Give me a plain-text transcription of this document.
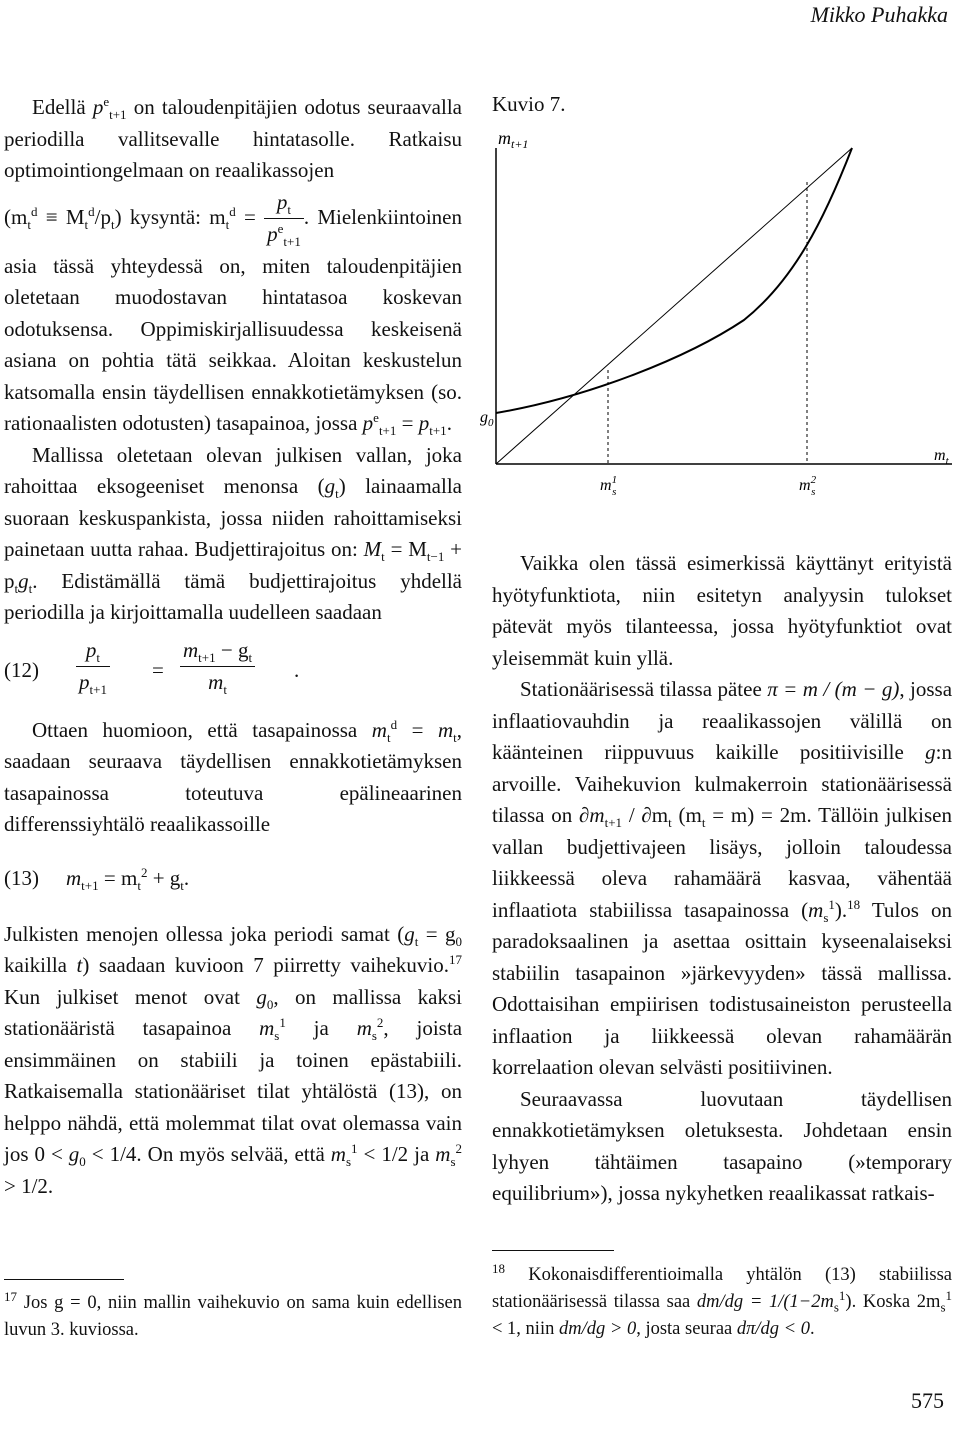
Mikko Puhakka

Edellä $p^e_{t+1}$ on taloudenpitäjien odotus seuraavalla periodilla vallitsevalle hintatasolle. Ratkaisu optimointiongelmaan on reaalikassojen

$(m_t^d \equiv M_t^d/p_t)$ kysyntä: $m_t^d = \frac{p_t}{p^e_{t+1}}$ . Mielenkiintoinen asia tässä yhteydessä on, miten taloudenpitäjien oletetaan muodostavan hintatasoa koskevan odotuksensa. Oppimiskirjallisuudessa keskeisenä asiana on pohtia tätä seikkaa. Aloitan keskustelun katsomalla ensin täydellisen ennakkotietämyksen (so. rationaalisten odotusten) tasapainoa, jossa $p^e_{t+1} = p_{t+1}$.

Mallissa oletetaan olevan julkisen vallan, joka rahoittaa eksogeeniset menonsa $(g_t)$ lainaamalla suoraan keskuspankista, jossa niiden rahoittamiseksi painetaan uutta rahaa. Budjettirajoitus on: $M_t = M_{t-1} + p_tg_t$. Edistämällä tämä budjettirajoitus yhdellä periodilla ja kirjoittamalla uudelleen saadaan

$(12) \frac{p_t}{p_{t+1}} = \frac{m_{t+1} - g_t}{m_t}$ .

Ottaen huomioon, että tasapainossa $m_t^d = m_t$, saadaan seuraava täydellisen ennakkotietämyksen tasapainossa toteutuva epälineaarinen differenssiyhtälö reaalikassoille

(13) $m_{t+1} = m_t^2 + g_t$.

Julkisten menojen ollessa joka periodi samat ($g_t = g_0$ kaikilla t) saadaan kuvioon 7 piirretty vaihekuvio.$^{17}$ Kun julkiset menot ovat $g_0$, on mallissa kaksi stationääristä tasapainoa $m_s^1$ ja $m_s^2$, joista ensimmäinen on stabiili ja toinen epästabiili. Ratkaisemalla stationääriset tilat yhtälöstä (13), on helppo nähdä, että molemmat tilat ovat olemassa vain jos $0 < g_0 < 1/4$. On myös selvää, että $m_s^1 < 1/2$ ja $m_s^2 > 1/2$.

$^{17}$ Jos g = 0, niin mallin vaihekuvio on sama kuin edellisen luvun 3. kuviossa.
Kuvio 7.
$m_{t+1}$
$g_0$
$m_t$
$m^1$ s	$m^2$ s

Vaikka olen tässä esimerkissä käyttänyt erityistä hyötyfunktiota, niin esitetyn analyysin tulokset pätevät myös tilanteessa, jossa hyötyfunktiot ovat yleisemmät kuin yllä.

Stationäärisessä tilassa pätee π = m / (m − g), jossa inflaatiovauhdin ja reaalikassojen välillä on käänteinen riippuvuus kaikille positiivisille g:n arvoille. Vaihekuvion kulmakerroin stationäärisessä tilassa on $\partial m_{t+1} / \partial m_t$ $(m_t = m) = 2m$. Tällöin julkisen vallan budjettivajeen lisäys, jolloin taloudessa liikkeessä oleva rahamäärä kasvaa, vähentää inflaatiota stabiilissa tasapainossa $(m_s^1).^{18}$ Tulos on paradoksaalinen ja asettaa osittain kyseenalaiseksi stabiilin tasapainon »järkevyyden» tässä mallissa. Odottaisihan empiirisen todistusaineiston perusteella inflaation ja liikkeessä olevan rahamäärän korrelaation olevan selvästi positiivinen.

Seuraavassa luovutaan täydellisen ennakkotietämyksen oletuksesta. Johdetaan ensin lyhyen tähtäimen tasapaino (»temporary equilibrium»), jossa nykyhetken reaalikassat ratkais-

$^{18}$ Kokonaisdifferentioimalla yhtälön (13) stabiilissa stationäärisessä tilassa saa $dm/dg = 1/(1-2m_s^1)$. Koska $2m_s^1 < 1$, niin dm/dg > 0, josta seuraa dπ/dg < 0.
575
